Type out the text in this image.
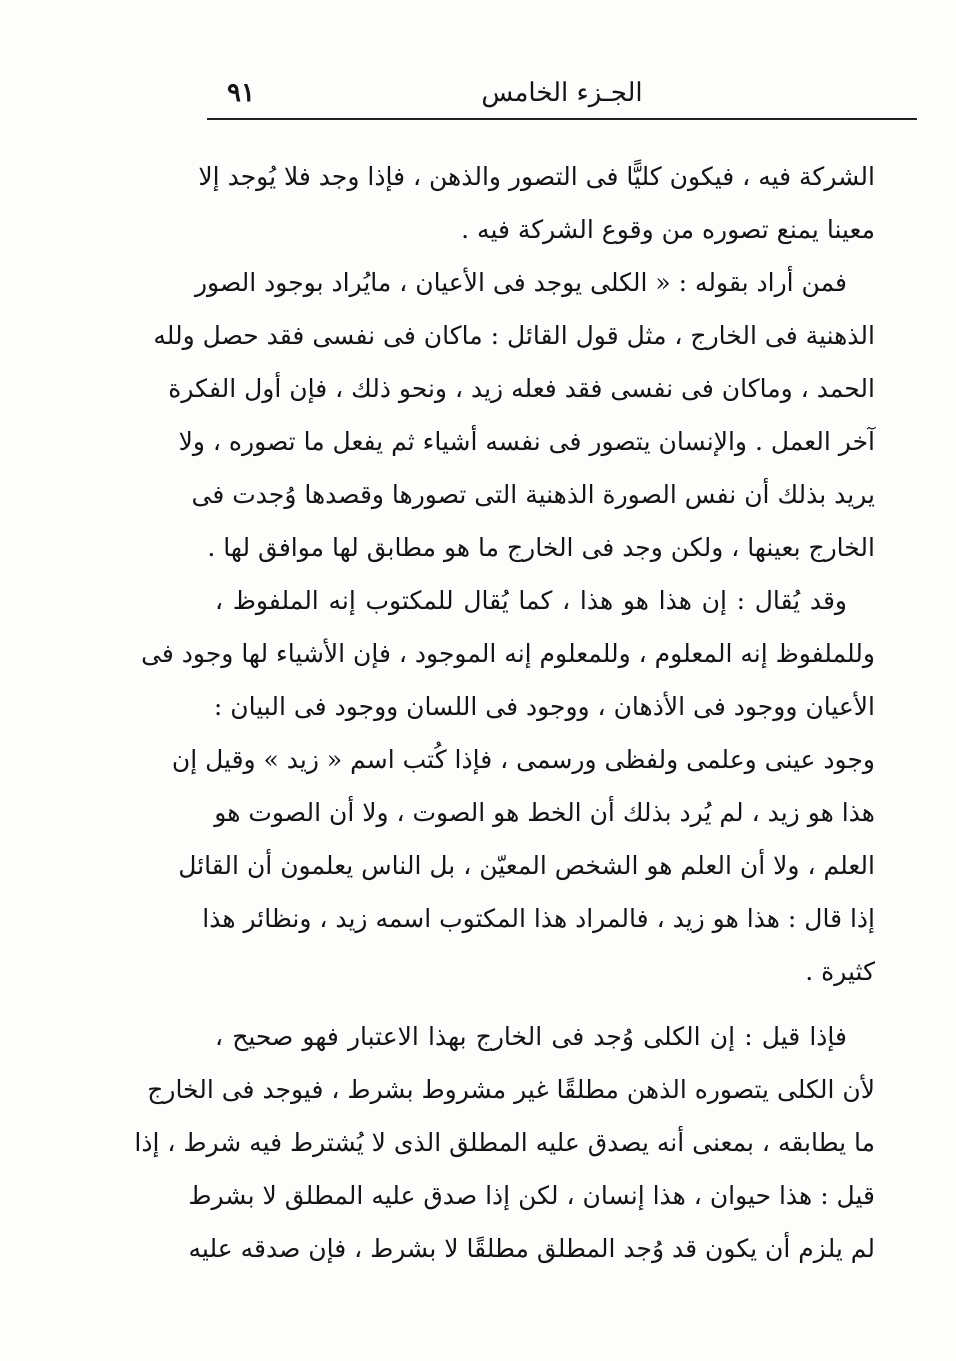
٩١	الجـزء الخامس

الشركة فيه ، فيكون كليًّا فى التصور والذهن ، فإذا وجد فلا يُوجد إلا
معينا يمنع تصوره من وقوع الشركة فيه .

فمن أراد بقوله : « الكلى يوجد فى الأعيان ، مايُراد بوجود الصور
الذهنية فى الخارج ، مثل قول القائل : ماكان فى نفسى فقد حصل ولله
الحمد ، وماكان فى نفسى فقد فعله زيد ، ونحو ذلك ، فإن أول الفكرة
آخر العمل . والإنسان يتصور فى نفسه أشياء ثم يفعل ما تصوره ، ولا
يريد بذلك أن نفس الصورة الذهنية التى تصورها وقصدها وُجدت فى
الخارج بعينها ، ولكن وجد فى الخارج ما هو مطابق لها موافق لها .

وقد يُقال : إن هذا هو هذا ، كما يُقال للمكتوب إنه الملفوظ ،
وللملفوظ إنه المعلوم ، وللمعلوم إنه الموجود ، فإن الأشياء لها وجود فى
الأعيان ووجود فى الأذهان ، ووجود فى اللسان ووجود فى البيان :
وجود عينى وعلمى ولفظى ورسمى ، فإذا كُتب اسم « زيد » وقيل إن
هذا هو زيد ، لم يُرد بذلك أن الخط هو الصوت ، ولا أن الصوت هو
العلم ، ولا أن العلم هو الشخص المعيّن ، بل الناس يعلمون أن القائل
إذا قال : هذا هو زيد ، فالمراد هذا المكتوب اسمه زيد ، ونظائر هذا
كثيرة .

فإذا قيل : إن الكلى وُجد فى الخارج بهذا الاعتبار فهو صحيح ،
لأن الكلى يتصوره الذهن مطلقًا غير مشروط بشرط ، فيوجد فى الخارج
ما يطابقه ، بمعنى أنه يصدق عليه المطلق الذى لا يُشترط فيه شرط ، إذا
قيل : هذا حيوان ، هذا إنسان ، لكن إذا صدق عليه المطلق لا بشرط
لم يلزم أن يكون قد وُجد المطلق مطلقًا لا بشرط ، فإن صدقه عليه
